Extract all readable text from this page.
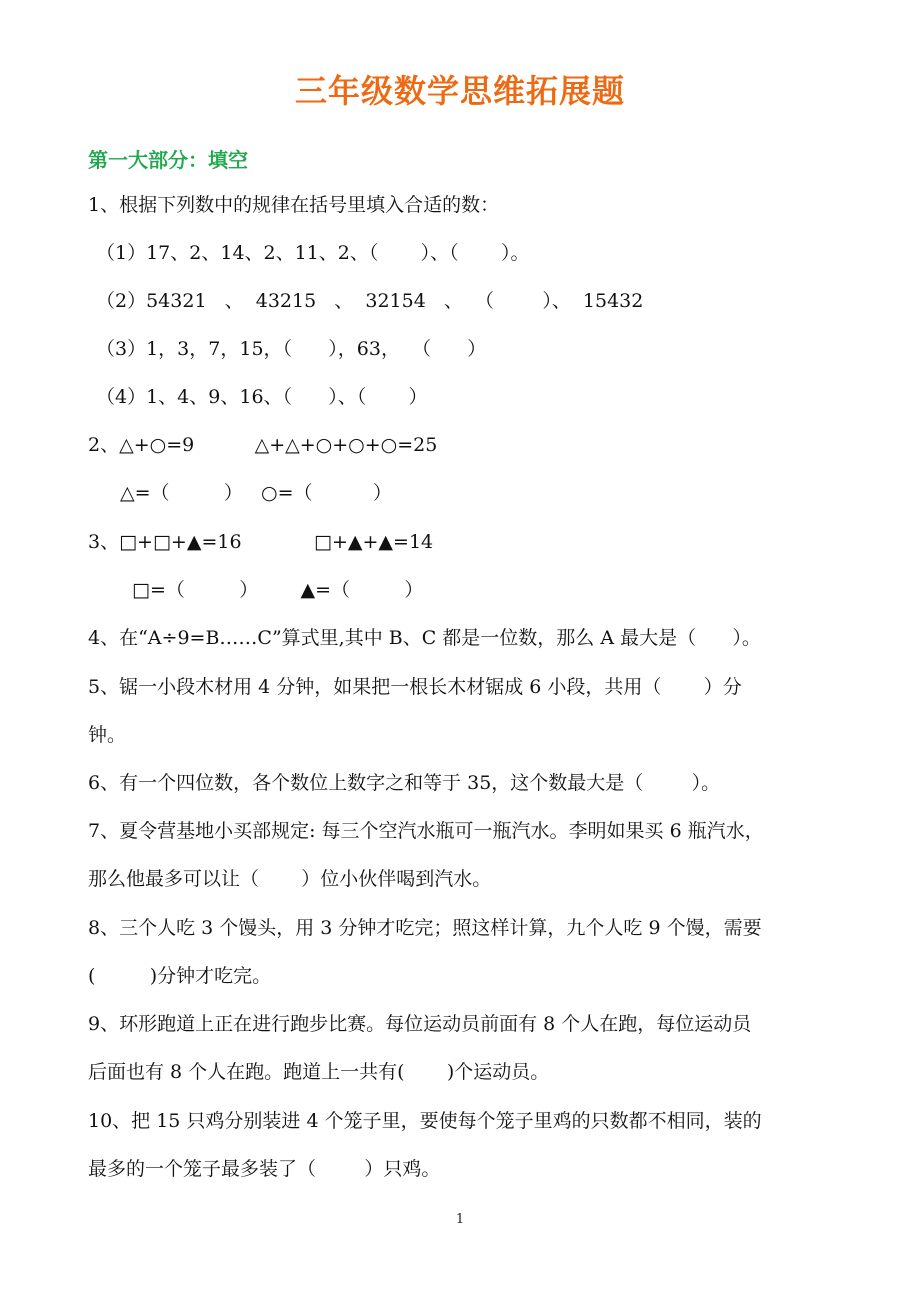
三年级数学思维拓展题
第一大部分：填空
1、根据下列数中的规律在括号里填入合适的数：
（1）17、2、14、2、11、2、（       ）、（       ）。
（2）54321   、  43215   、  32154   、  （        ）、  15432
（3）1，3，7，15，（      ），63，  （      ）
（4）1、4、9、16、（      ）、（       ）
2、△+○=9          △+△+○+○+○=25
△=（         ）   ○=（          ）
3、□+□+▲=16            □+▲+▲=14
□=（         ）       ▲=（         ）
4、在“A÷9=B……C”算式里,其中 B、C 都是一位数，那么 A 最大是（      ）。
5、锯一小段木材用 4 分钟，如果把一根长木材锯成 6 小段，共用（       ）分
钟。
6、有一个四位数，各个数位上数字之和等于 35，这个数最大是（        ）。
7、夏令营基地小买部规定: 每三个空汽水瓶可一瓶汽水。李明如果买 6 瓶汽水，
那么他最多可以让（       ）位小伙伴喝到汽水。
8、三个人吃 3 个馒头，用 3 分钟才吃完；照这样计算，九个人吃 9 个馒，需要
(         )分钟才吃完。
9、环形跑道上正在进行跑步比赛。每位运动员前面有 8 个人在跑，每位运动员
后面也有 8 个人在跑。跑道上一共有(       )个运动员。
10、把 15 只鸡分别装进 4 个笼子里，要使每个笼子里鸡的只数都不相同，装的
最多的一个笼子最多装了（        ）只鸡。
1
